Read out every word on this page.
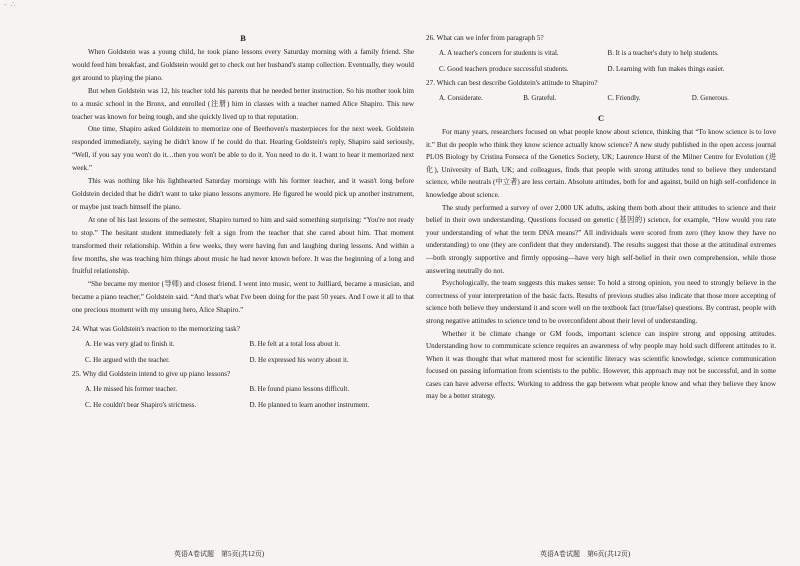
- ∴
B

When Goldstein was a young child, he took piano lessons every Saturday morning with a family friend. She would feed him breakfast, and Goldstein would get to check out her husband's stamp collection. Eventually, they would get around to playing the piano.

But when Goldstein was 12, his teacher told his parents that he needed better instruction. So his mother took him to a music school in the Bronx, and enrolled (注册) him in classes with a teacher named Alice Shapiro. This new teacher was known for being tough, and she quickly lived up to that reputation.

One time, Shapiro asked Goldstein to memorize one of Beethoven's masterpieces for the next week. Goldstein responded immediately, saying he didn't know if he could do that. Hearing Goldstein's reply, Shapiro said seriously, “Well, if you say you won't do it…then you won't be able to do it. You need to do it. I want to hear it memorized next week.”

This was nothing like his lighthearted Saturday mornings with his former teacher, and it wasn't long before Goldstein decided that he didn't want to take piano lessons anymore. He figured he would pick up another instrument, or maybe just teach himself the piano.

At one of his last lessons of the semester, Shapiro turned to him and said something surprising: “You're not ready to stop.” The hesitant student immediately felt a sign from the teacher that she cared about him. That moment transformed their relationship. Within a few weeks, they were having fun and laughing during lessons. And within a few months, she was teaching him things about music he had never known before. It was the beginning of a long and fruitful relationship.

“She became my mentor (导师) and closest friend. I went into music, went to Juilliard, became a musician, and became a piano teacher,” Goldstein said. “And that's what I've been doing for the past 50 years. And I owe it all to that one precious moment with my unsung hero, Alice Shapiro.”

24. What was Goldstein's reaction to the memorizing task?
A. He was very glad to finish it.	B. He felt at a total loss about it.
C. He argued with the teacher.	D. He expressed his worry about it.
25. Why did Goldstein intend to give up piano lessons?
A. He missed his former teacher.	B. He found piano lessons difficult.
C. He couldn't bear Shapiro's strictness.	D. He planned to learn another instrument.
英语A卷试题　第5页(共12页)
26. What can we infer from paragraph 5?
A. A teacher's concern for students is vital.	B. It is a teacher's duty to help students.
C. Good teachers produce successful students.	D. Learning with fun makes things easier.
27. Which can best describe Goldstein's attitude to Shapiro?
A. Considerate.	B. Grateful.	C. Friendly.	D. Generous.
C

For many years, researchers focused on what people know about science, thinking that “To know science is to love it.” But do people who think they know science actually know science? A new study published in the open access journal PLOS Biology by Cristina Fonseca of the Genetics Society, UK; Laurence Hurst of the Milner Centre for Evolution (进化), University of Bath, UK; and colleagues, finds that people with strong attitudes tend to believe they understand science, while neutrals (中立者) are less certain. Absolute attitudes, both for and against, build on high self-confidence in knowledge about science.

The study performed a survey of over 2,000 UK adults, asking them both about their attitudes to science and their belief in their own understanding. Questions focused on genetic (基因的) science, for example, “How would you rate your understanding of what the term DNA means?” All individuals were scored from zero (they know they have no understanding) to one (they are confident that they understand). The results suggest that those at the attitudinal extremes—both strongly supportive and firmly opposing—have very high self-belief in their own comprehension, while those answering neutrally do not.

Psychologically, the team suggests this makes sense: To hold a strong opinion, you need to strongly believe in the correctness of your interpretation of the basic facts. Results of previous studies also indicate that those more accepting of science both believe they understand it and score well on the textbook fact (true/false) questions. By contrast, people with strong negative attitudes to science tend to be overconfident about their level of understanding.

Whether it be climate change or GM foods, important science can inspire strong and opposing attitudes. Understanding how to communicate science requires an awareness of why people may hold such different attitudes to it. When it was thought that what mattered most for scientific literacy was scientific knowledge, science communication focused on passing information from scientists to the public. However, this approach may not be successful, and in some cases can have adverse effects. Working to address the gap between what people know and what they believe they know may be a better strategy.

英语A卷试题　第6页(共12页)
